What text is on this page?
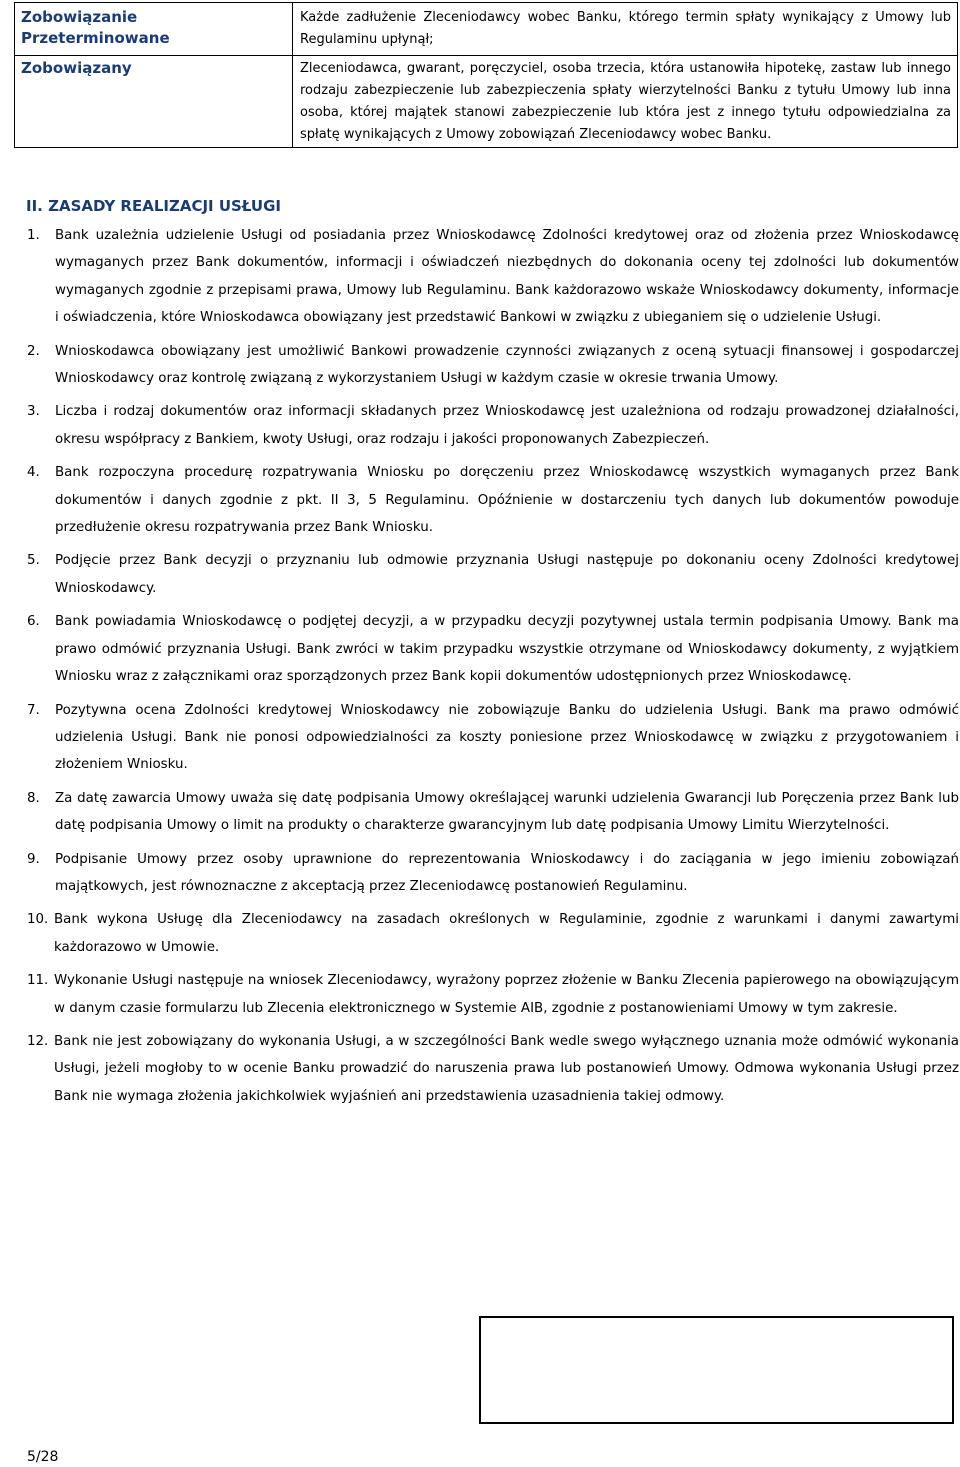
Zobowiązanie Przeterminowane	Każde zadłużenie Zleceniodawcy wobec Banku, którego termin spłaty wynikający z Umowy lub Regulaminu upłynął;
Zobowiązany	Zleceniodawca, gwarant, poręczyciel, osoba trzecia, która ustanowiła hipotekę, zastaw lub innego rodzaju zabezpieczenie lub zabezpieczenia spłaty wierzytelności Banku z tytułu Umowy lub inna osoba, której majątek stanowi zabezpieczenie lub która jest z innego tytułu odpowiedzialna za spłatę wynikających z Umowy zobowiązań Zleceniodawcy wobec Banku.
II. ZASADY REALIZACJI USŁUGI
1.	Bank uzależnia udzielenie Usługi od posiadania przez Wnioskodawcę Zdolności kredytowej oraz od złożenia przez Wnioskodawcę wymaganych przez Bank dokumentów, informacji i oświadczeń niezbędnych do dokonania oceny tej zdolności lub dokumentów wymaganych zgodnie z przepisami prawa, Umowy lub Regulaminu. Bank każdorazowo wskaże Wnioskodawcy dokumenty, informacje i oświadczenia, które Wnioskodawca obowiązany jest przedstawić Bankowi w związku z ubieganiem się o udzielenie Usługi.
2.	Wnioskodawca obowiązany jest umożliwić Bankowi prowadzenie czynności związanych z oceną sytuacji finansowej i gospodarczej Wnioskodawcy oraz kontrolę związaną z wykorzystaniem Usługi w każdym czasie w okresie trwania Umowy.
3.	Liczba i rodzaj dokumentów oraz informacji składanych przez Wnioskodawcę jest uzależniona od rodzaju prowadzonej działalności, okresu współpracy z Bankiem, kwoty Usługi, oraz rodzaju i jakości proponowanych Zabezpieczeń.
4.	Bank rozpoczyna procedurę rozpatrywania Wniosku po doręczeniu przez Wnioskodawcę wszystkich wymaganych przez Bank dokumentów i danych zgodnie z pkt. II 3, 5 Regulaminu. Opóźnienie w dostarczeniu tych danych lub dokumentów powoduje przedłużenie okresu rozpatrywania przez Bank Wniosku.
5.	Podjęcie przez Bank decyzji o przyznaniu lub odmowie przyznania Usługi następuje po dokonaniu oceny Zdolności kredytowej Wnioskodawcy.
6.	Bank powiadamia Wnioskodawcę o podjętej decyzji, a w przypadku decyzji pozytywnej ustala termin podpisania Umowy. Bank ma prawo odmówić przyznania Usługi. Bank zwróci w takim przypadku wszystkie otrzymane od Wnioskodawcy dokumenty, z wyjątkiem Wniosku wraz z załącznikami oraz sporządzonych przez Bank kopii dokumentów udostępnionych przez Wnioskodawcę.
7.	Pozytywna ocena Zdolności kredytowej Wnioskodawcy nie zobowiązuje Banku do udzielenia Usługi. Bank ma prawo odmówić udzielenia Usługi. Bank nie ponosi odpowiedzialności za koszty poniesione przez Wnioskodawcę w związku z przygotowaniem i złożeniem Wniosku.
8.	Za datę zawarcia Umowy uważa się datę podpisania Umowy określającej warunki udzielenia Gwarancji lub Poręczenia przez Bank lub datę podpisania Umowy o limit na produkty o charakterze gwarancyjnym lub datę podpisania Umowy Limitu Wierzytelności.
9.	Podpisanie Umowy przez osoby uprawnione do reprezentowania Wnioskodawcy i do zaciągania w jego imieniu zobowiązań majątkowych, jest równoznaczne z akceptacją przez Zleceniodawcę postanowień Regulaminu.
10. Bank wykona Usługę dla Zleceniodawcy na zasadach określonych w Regulaminie, zgodnie z warunkami i danymi zawartymi każdorazowo w Umowie.
11. Wykonanie Usługi następuje na wniosek Zleceniodawcy, wyrażony poprzez złożenie w Banku Zlecenia papierowego na obowiązującym w danym czasie formularzu lub Zlecenia elektronicznego w Systemie AIB, zgodnie z postanowieniami Umowy w tym zakresie.
12. Bank nie jest zobowiązany do wykonania Usługi, a w szczególności Bank wedle swego wyłącznego uznania może odmówić wykonania Usługi, jeżeli mogłoby to w ocenie Banku prowadzić do naruszenia prawa lub postanowień Umowy. Odmowa wykonania Usługi przez Bank nie wymaga złożenia jakichkolwiek wyjaśnień ani przedstawienia uzasadnienia takiej odmowy.
5/28
